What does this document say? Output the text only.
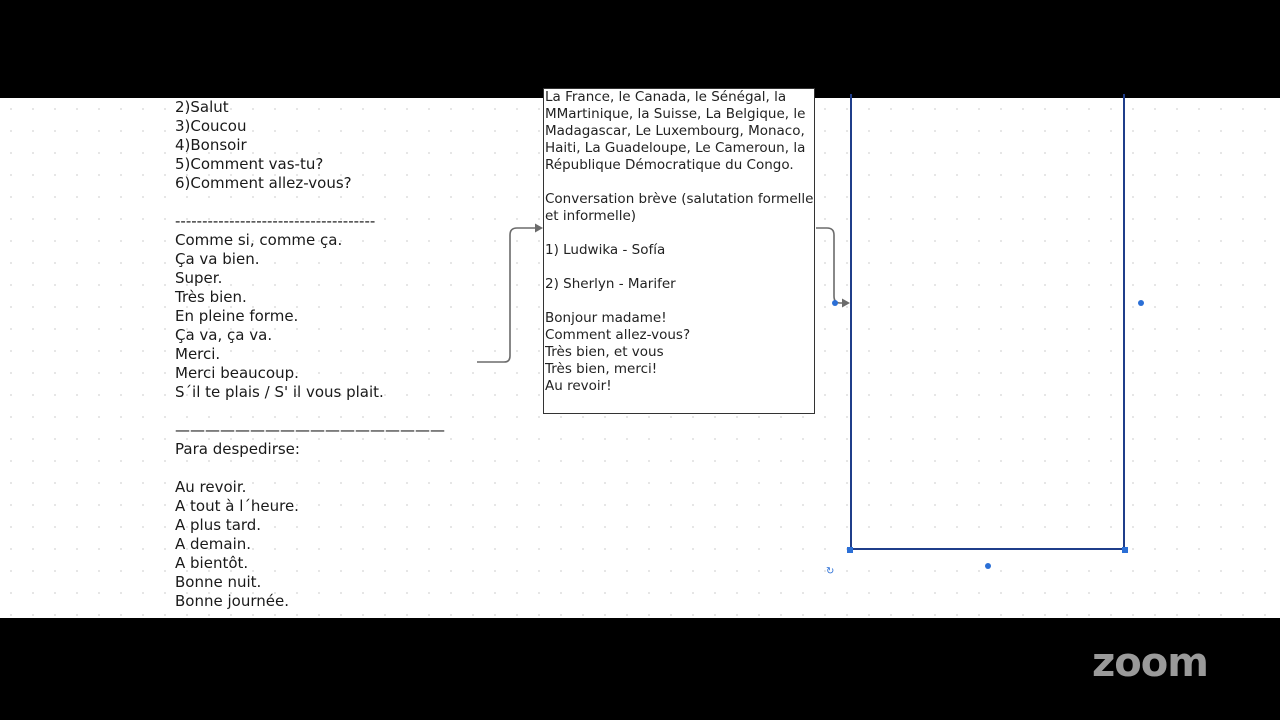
2)Salut
3)Coucou
4)Bonsoir
5)Comment vas-tu?
6)Comment allez-vous?
-------------------------------------
Comme si, comme ça.
Ça va bien.
Super.
Très bien.
En pleine forme.
Ça va, ça va.
Merci.
Merci beaucoup.
S´il te plais / S' il vous plait.
——————————————————
Para despedirse:
Au revoir.
A tout à l´heure.
A plus tard.
A demain.
A bientôt.
Bonne nuit.
Bonne journée.
La France, le Canada, le Sénégal, la
MMartinique, la Suisse, La Belgique, le
Madagascar, Le Luxembourg, Monaco,
Haiti, La Guadeloupe, Le Cameroun, la
République Démocratique du Congo.
Conversation brève (salutation formelle
et informelle)
1) Ludwika - Sofía
2) Sherlyn - Marifer
Bonjour madame!
Comment allez-vous?
Très bien, et vous
Très bien, merci!
Au revoir!
↻
zoom
